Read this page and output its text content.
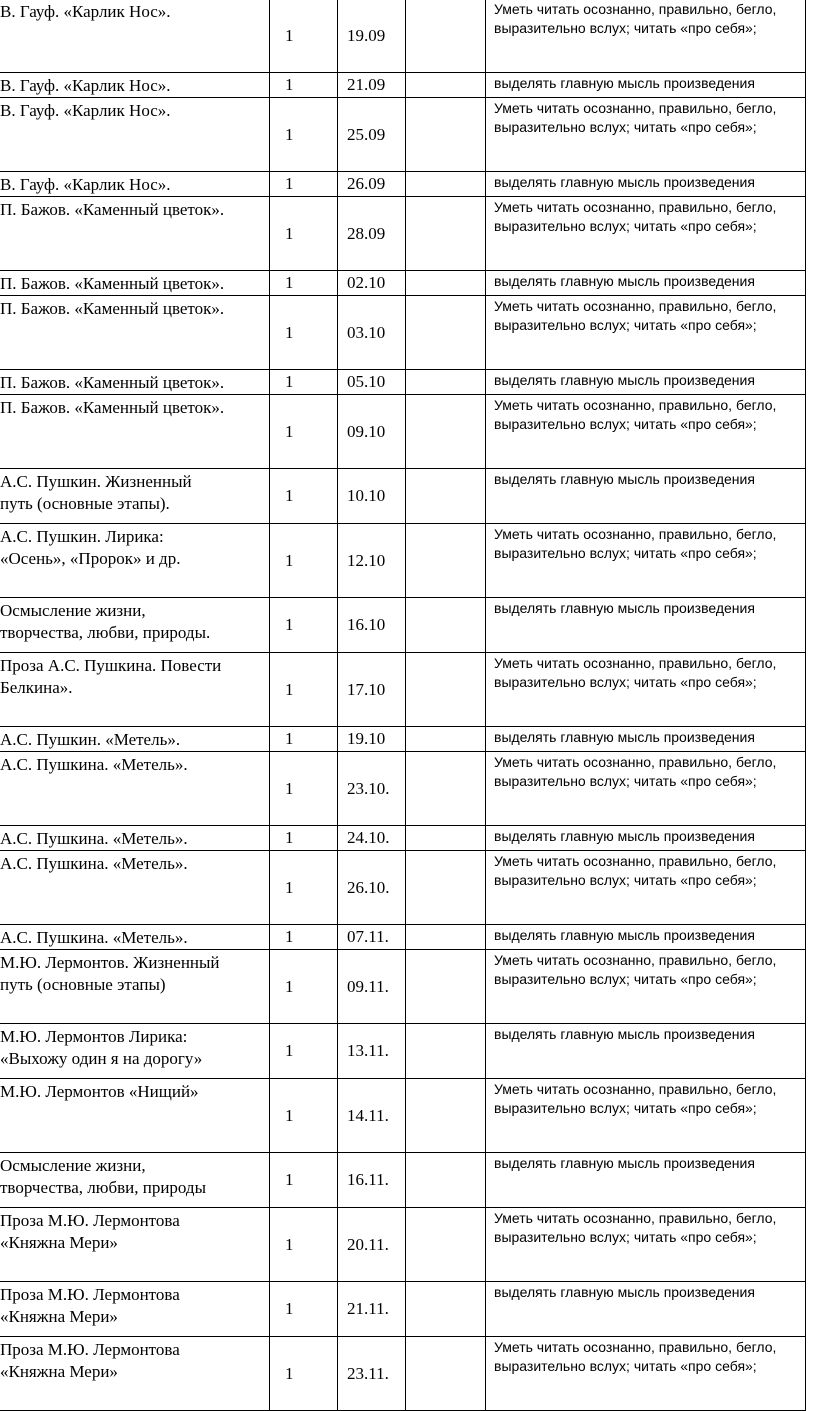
В. Гауф. «Карлик Нос».	1	19.09		Уметь читать осознанно, правильно, бегло, выразительно вслух; читать «про себя»;
В. Гауф. «Карлик Нос».	1	21.09		выделять главную мысль произведения
В. Гауф. «Карлик Нос».	1	25.09		Уметь читать осознанно, правильно, бегло, выразительно вслух; читать «про себя»;
В. Гауф. «Карлик Нос».	1	26.09		выделять главную мысль произведения
П. Бажов. «Каменный цветок».	1	28.09		Уметь читать осознанно, правильно, бегло, выразительно вслух; читать «про себя»;
П. Бажов. «Каменный цветок».	1	02.10		выделять главную мысль произведения
П. Бажов. «Каменный цветок».	1	03.10		Уметь читать осознанно, правильно, бегло, выразительно вслух; читать «про себя»;
П. Бажов. «Каменный цветок».	1	05.10		выделять главную мысль произведения
П. Бажов. «Каменный цветок».	1	09.10		Уметь читать осознанно, правильно, бегло, выразительно вслух; читать «про себя»;
А.С. Пушкин. Жизненный
путь (основные этапы).	1	10.10		выделять главную мысль произведения
А.С. Пушкин. Лирика:
«Осень», «Пророк» и др.	1	12.10		Уметь читать осознанно, правильно, бегло, выразительно вслух; читать «про себя»;
Осмысление жизни,
творчества, любви, природы.	1	16.10		выделять главную мысль произведения
Проза А.С. Пушкина. Повести
Белкина».	1	17.10		Уметь читать осознанно, правильно, бегло, выразительно вслух; читать «про себя»;
А.С. Пушкин. «Метель».	1	19.10		выделять главную мысль произведения
А.С. Пушкина. «Метель».	1	23.10.		Уметь читать осознанно, правильно, бегло, выразительно вслух; читать «про себя»;
А.С. Пушкина. «Метель».	1	24.10.		выделять главную мысль произведения
А.С. Пушкина. «Метель».	1	26.10.		Уметь читать осознанно, правильно, бегло, выразительно вслух; читать «про себя»;
А.С. Пушкина. «Метель».	1	07.11.		выделять главную мысль произведения
М.Ю. Лермонтов. Жизненный
путь (основные этапы)	1	09.11.		Уметь читать осознанно, правильно, бегло, выразительно вслух; читать «про себя»;
М.Ю. Лермонтов Лирика:
«Выхожу один я на дорогу»	1	13.11.		выделять главную мысль произведения
М.Ю. Лермонтов «Нищий»	1	14.11.		Уметь читать осознанно, правильно, бегло, выразительно вслух; читать «про себя»;
Осмысление жизни,
творчества, любви, природы	1	16.11.		выделять главную мысль произведения
Проза М.Ю. Лермонтова
«Княжна Мери»	1	20.11.		Уметь читать осознанно, правильно, бегло, выразительно вслух; читать «про себя»;
Проза М.Ю. Лермонтова
«Княжна Мери»	1	21.11.		выделять главную мысль произведения
Проза М.Ю. Лермонтова
«Княжна Мери»	1	23.11.		Уметь читать осознанно, правильно, бегло, выразительно вслух; читать «про себя»;
